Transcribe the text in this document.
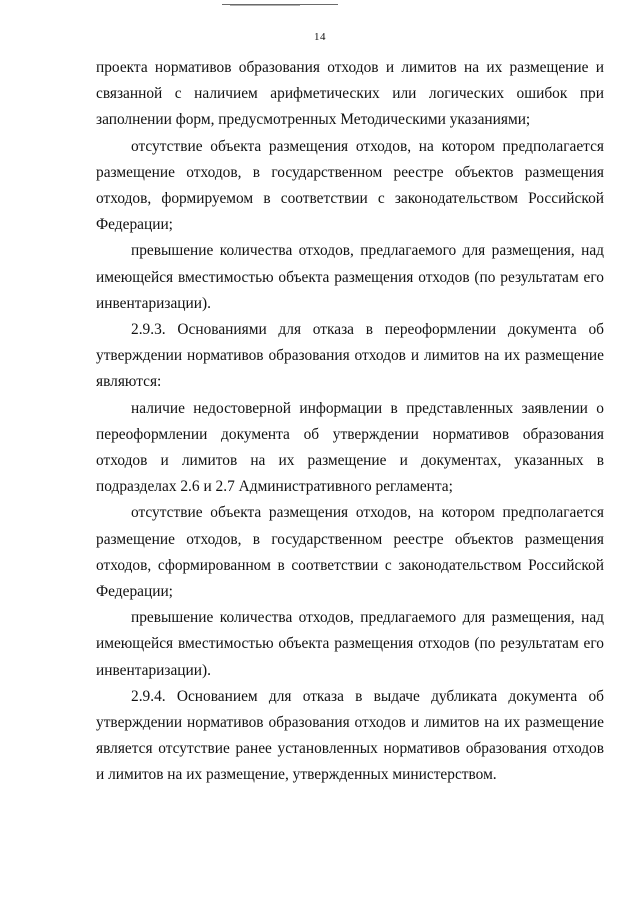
14

проекта нормативов образования отходов и лимитов на их размещение и связанной с наличием арифметических или логических ошибок при заполнении форм, предусмотренных Методическими указаниями;

отсутствие объекта размещения отходов, на котором предполагается размещение отходов, в государственном реестре объектов размещения отходов, формируемом в соответствии с законодательством Российской Федерации;

превышение количества отходов, предлагаемого для размещения, над имеющейся вместимостью объекта размещения отходов (по результатам его инвентаризации).

2.9.3. Основаниями для отказа в переоформлении документа об утверждении нормативов образования отходов и лимитов на их размещение являются:

наличие недостоверной информации в представленных заявлении о переоформлении документа об утверждении нормативов образования отходов и лимитов на их размещение и документах, указанных в подразделах 2.6 и 2.7 Административного регламента;

отсутствие объекта размещения отходов, на котором предполагается размещение отходов, в государственном реестре объектов размещения отходов, сформированном в соответствии с законодательством Российской Федерации;

превышение количества отходов, предлагаемого для размещения, над имеющейся вместимостью объекта размещения отходов (по результатам его инвентаризации).

2.9.4. Основанием для отказа в выдаче дубликата документа об утверждении нормативов образования отходов и лимитов на их размещение является отсутствие ранее установленных нормативов образования отходов и лимитов на их размещение, утвержденных министерством.
